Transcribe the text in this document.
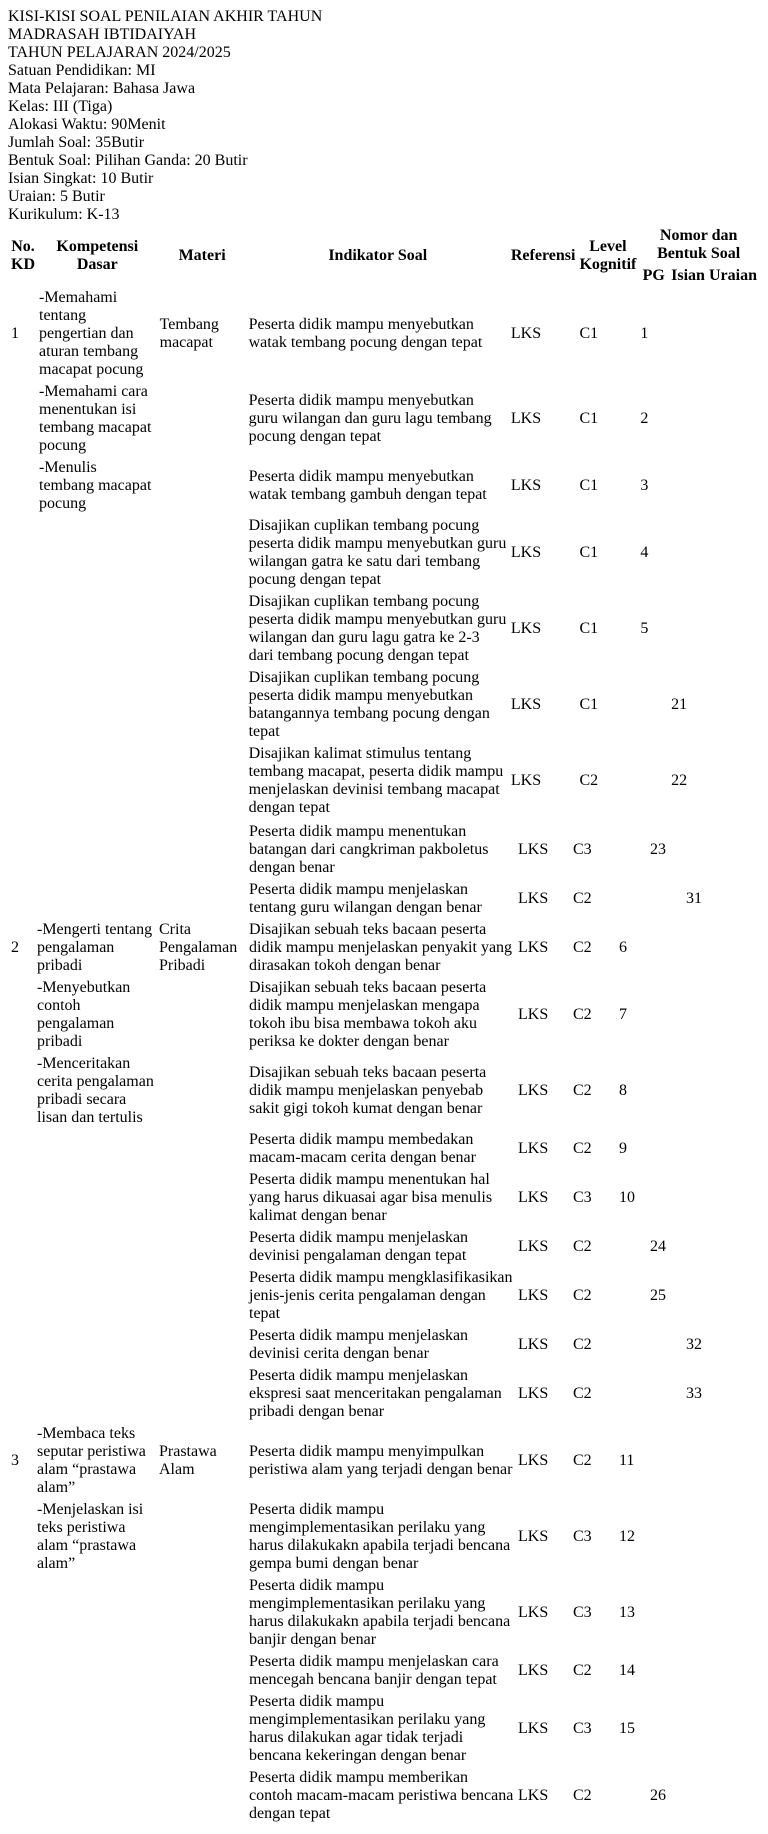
KISI-KISI SOAL PENILAIAN AKHIR TAHUN
MADRASAH IBTIDAIYAH
TAHUN PELAJARAN 2024/2025
Satuan Pendidikan: MI
Mata Pelajaran: Bahasa Jawa
Kelas: III (Tiga)
Alokasi Waktu: 90Menit
Jumlah Soal: 35Butir
Bentuk Soal: Pilihan Ganda: 20 Butir
Isian Singkat: 10 Butir
Uraian: 5 Butir
Kurikulum: K-13
No. KD	Kompetensi Dasar	Materi	Indikator Soal	Referensi	Level Kognitif	Nomor dan Bentuk Soal		
						PG	Isian	Uraian
1	-Memahami tentang pengertian dan aturan tembang macapat pocung	Tembang macapat	Peserta didik mampu menyebutkan watak tembang pocung dengan tepat	LKS	C1	1		
	-Memahami cara menentukan isi tembang macapat pocung		Peserta didik mampu menyebutkan guru wilangan dan guru lagu tembang pocung dengan tepat	LKS	C1	2		
	-Menulis tembang macapat pocung		Peserta didik mampu menyebutkan watak tembang gambuh dengan tepat	LKS	C1	3		
			Disajikan cuplikan tembang pocung peserta didik mampu menyebutkan guru wilangan gatra ke satu dari tembang pocung dengan tepat	LKS	C1	4		
			Disajikan cuplikan tembang pocung peserta didik mampu menyebutkan guru wilangan dan guru lagu gatra ke 2-3 dari tembang pocung dengan tepat	LKS	C1	5		
			Disajikan cuplikan tembang pocung peserta didik mampu menyebutkan batangannya tembang pocung dengan tepat	LKS	C1		21	
			Disajikan kalimat stimulus tentang tembang macapat, peserta didik mampu menjelaskan devinisi tembang macapat dengan tepat	LKS	C2		22	
			Peserta didik mampu menentukan batangan dari cangkriman pakboletus dengan benar	LKS	C3		23	
			Peserta didik mampu menjelaskan tentang guru wilangan dengan benar	LKS	C2			31
2	-Mengerti tentang pengalaman pribadi	Crita Pengalaman Pribadi	Disajikan sebuah teks bacaan peserta didik mampu menjelaskan penyakit yang dirasakan tokoh dengan benar	LKS	C2	6		
	-Menyebutkan contoh pengalaman pribadi		Disajikan sebuah teks bacaan peserta didik mampu menjelaskan mengapa tokoh ibu bisa membawa tokoh aku periksa ke dokter dengan benar	LKS	C2	7		
	-Menceritakan cerita pengalaman pribadi secara lisan dan tertulis		Disajikan sebuah teks bacaan peserta didik mampu menjelaskan penyebab sakit gigi tokoh kumat dengan benar	LKS	C2	8		
			Peserta didik mampu membedakan macam-macam cerita dengan benar	LKS	C2	9		
			Peserta didik mampu menentukan hal yang harus dikuasai agar bisa menulis kalimat dengan benar	LKS	C3	10		
			Peserta didik mampu menjelaskan devinisi pengalaman dengan tepat	LKS	C2		24	
			Peserta didik mampu mengklasifikasikan jenis-jenis cerita pengalaman dengan tepat	LKS	C2		25	
			Peserta didik mampu menjelaskan devinisi cerita dengan benar	LKS	C2			32
			Peserta didik mampu menjelaskan ekspresi saat menceritakan pengalaman pribadi dengan benar	LKS	C2			33
3	-Membaca teks seputar peristiwa alam “prastawa alam”	Prastawa Alam	Peserta didik mampu menyimpulkan peristiwa alam yang terjadi dengan benar	LKS	C2	11		
	-Menjelaskan isi teks peristiwa alam “prastawa alam”		Peserta didik mampu mengimplementasikan perilaku yang harus dilakukakn apabila terjadi bencana gempa bumi dengan benar	LKS	C3	12		
			Peserta didik mampu mengimplementasikan perilaku yang harus dilakukakn apabila terjadi bencana banjir dengan benar	LKS	C3	13		
			Peserta didik mampu menjelaskan cara mencegah bencana banjir dengan tepat	LKS	C2	14		
			Peserta didik mampu mengimplementasikan perilaku yang harus dilakukan agar tidak terjadi bencana kekeringan dengan benar	LKS	C3	15		
			Peserta didik mampu memberikan contoh macam-macam peristiwa bencana dengan tepat	LKS	C2		26	
